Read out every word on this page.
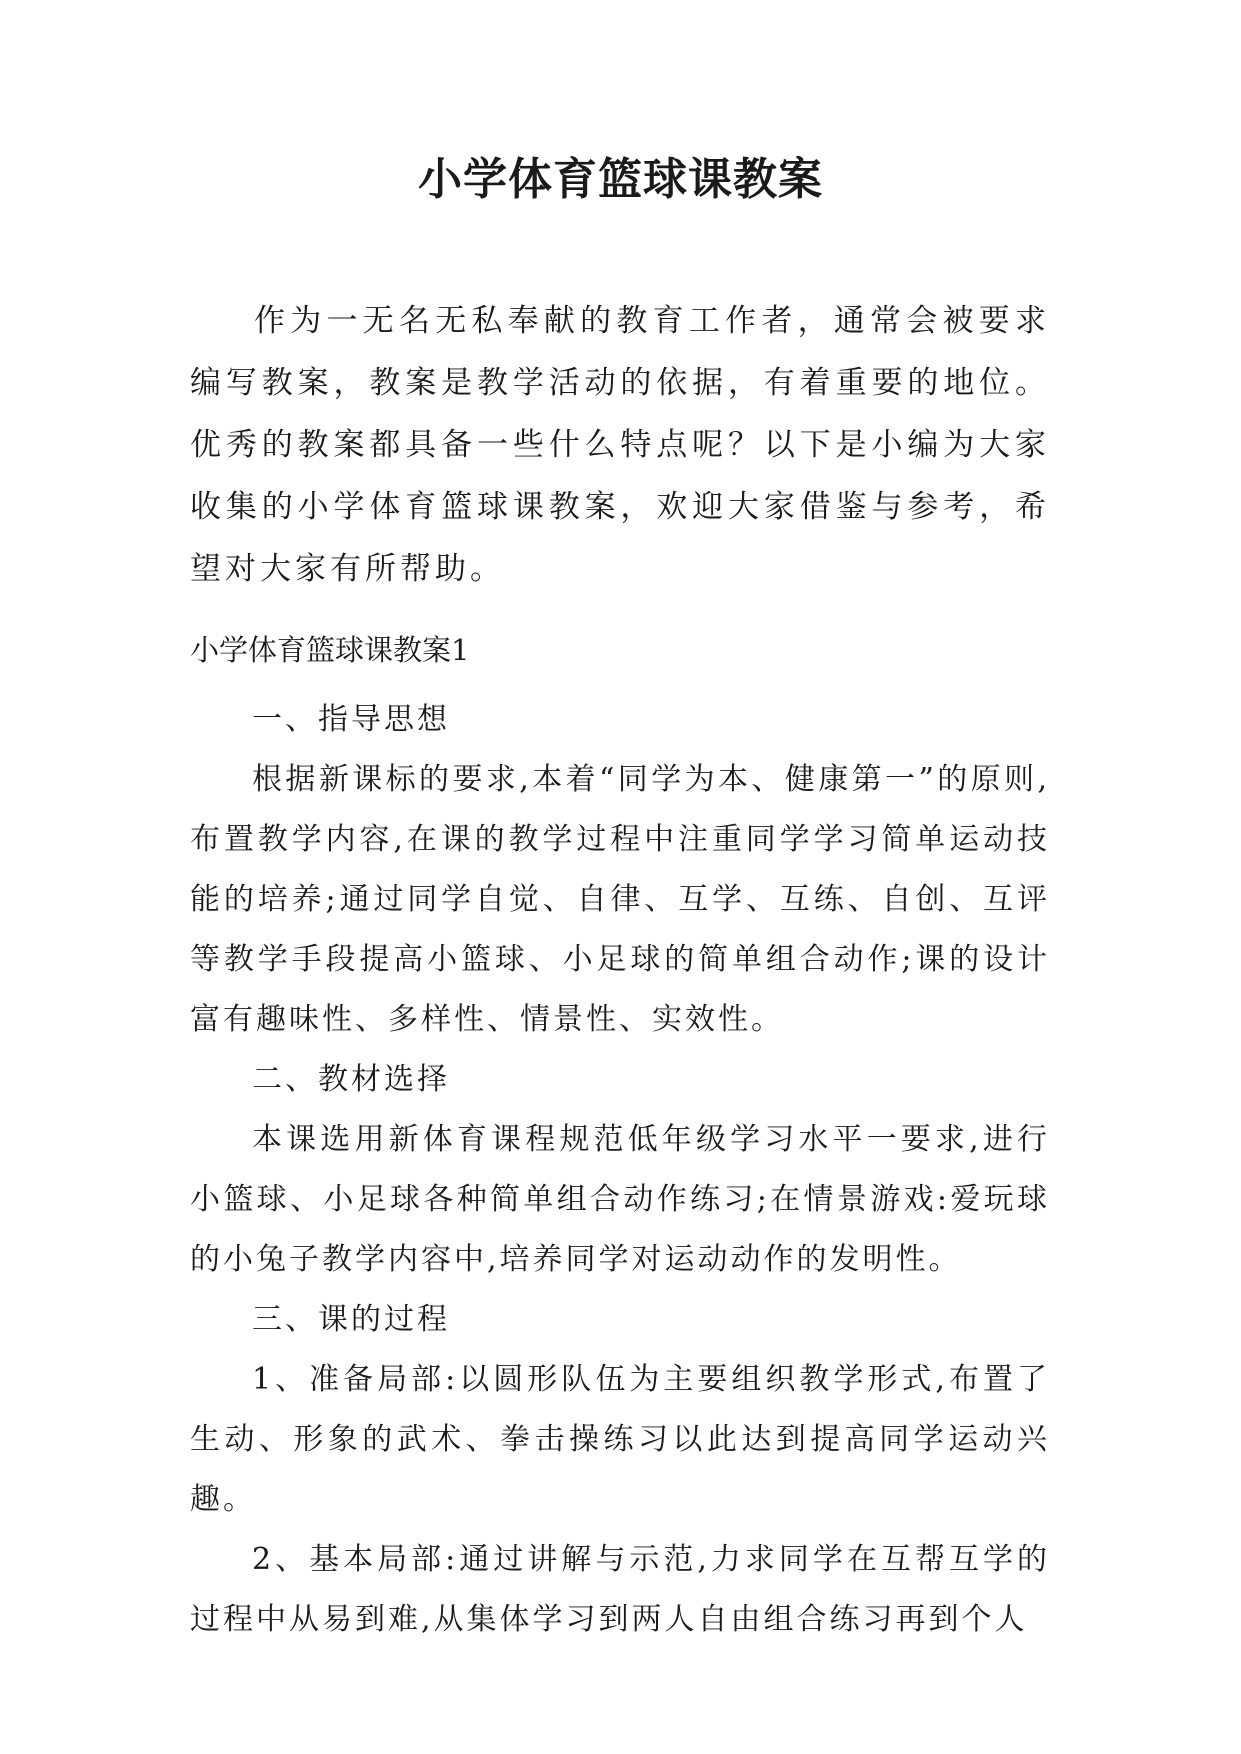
小学体育篮球课教案

作为一无名无私奉献的教育工作者，通常会被要求编写教案，教案是教学活动的依据，有着重要的地位。优秀的教案都具备一些什么特点呢？以下是小编为大家收集的小学体育篮球课教案，欢迎大家借鉴与参考，希望对大家有所帮助。

小学体育篮球课教案1

一、指导思想

根据新课标的要求,本着“同学为本、健康第一”的原则,布置教学内容,在课的教学过程中注重同学学习简单运动技能的培养;通过同学自觉、自律、互学、互练、自创、互评等教学手段提高小篮球、小足球的简单组合动作;课的设计富有趣味性、多样性、情景性、实效性。

二、教材选择

本课选用新体育课程规范低年级学习水平一要求,进行小篮球、小足球各种简单组合动作练习;在情景游戏:爱玩球的小兔子教学内容中,培养同学对运动动作的发明性。

三、课的过程

1、准备局部:以圆形队伍为主要组织教学形式,布置了生动、形象的武术、拳击操练习以此达到提高同学运动兴趣。

2、基本局部:通过讲解与示范,力求同学在互帮互学的过程中从易到难,从集体学习到两人自由组合练习再到个人
